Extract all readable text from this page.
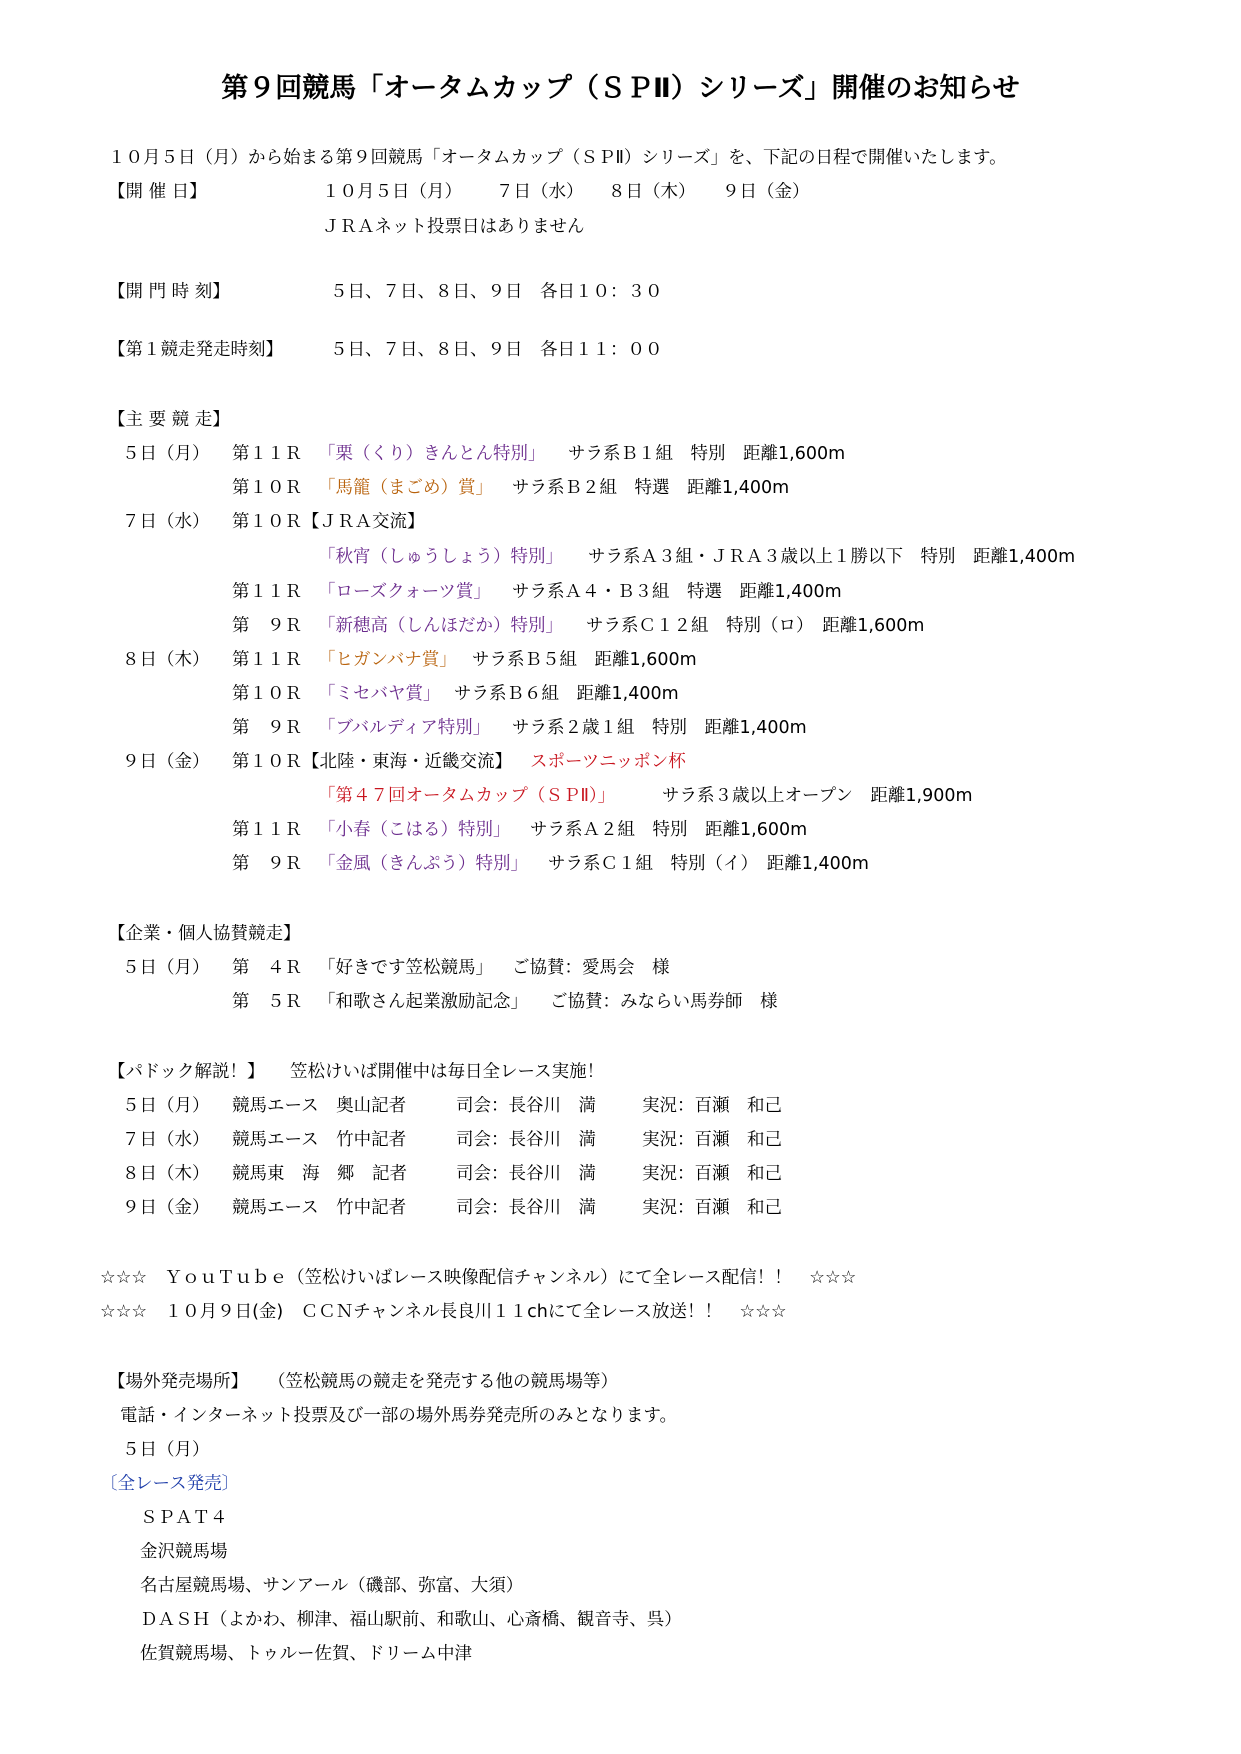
第９回競馬「オータムカップ（ＳＰⅡ）シリーズ」開催のお知らせ
１０月５日（月）から始まる第９回競馬「オータムカップ（ＳＰⅡ）シリーズ」を、下記の日程で開催いたします。
【開 催 日】	１０月５日（月） ７日（水） ８日（木） ９日（金）
ＪＲＡネット投票日はありません
【開 門 時 刻】	５日、７日、８日、９日　各日１０：３０
【第１競走発走時刻】	５日、７日、８日、９日　各日１１：００
【主 要 競 走】
５日（月） 第１１Ｒ 「栗（くり）きんとん特別」 サラ系Ｂ１組　特別　距離1,600m
第１０Ｒ 「馬籠（まごめ）賞」 サラ系Ｂ２組　特選　距離1,400m
７日（水） 第１０Ｒ【ＪＲＡ交流】
「秋宵（しゅうしょう）特別」 サラ系Ａ３組・ＪＲＡ３歳以上１勝以下　特別　距離1,400m
第１１Ｒ 「ローズクォーツ賞」 サラ系Ａ４・Ｂ３組　特選　距離1,400m
第　９Ｒ 「新穂高（しんほだか）特別」 サラ系Ｃ１２組　特別（ロ）　距離1,600m
８日（木） 第１１Ｒ 「ヒガンバナ賞」 サラ系Ｂ５組　距離1,600m
第１０Ｒ 「ミセバヤ賞」 サラ系Ｂ６組　距離1,400m
第　９Ｒ 「ブバルディア特別」 サラ系２歳１組　特別　距離1,400m
９日（金） 第１０Ｒ【北陸・東海・近畿交流】 スポーツニッポン杯
「第４７回オータムカップ（ＳＰⅡ）」	サラ系３歳以上オープン　距離1,900m
第１１Ｒ 「小春（こはる）特別」 サラ系Ａ２組　特別　距離1,600m
第　９Ｒ 「金風（きんぷう）特別」 サラ系Ｃ１組　特別（イ）　距離1,400m
【企業・個人協賛競走】
５日（月） 第　４Ｒ 「好きです笠松競馬」 ご協賛：愛馬会　様
第　５Ｒ 「和歌さん起業激励記念」 ご協賛：みならい馬券師　様
【パドック解説！】 笠松けいば開催中は毎日全レース実施！
５日（月） 競馬エース　奥山記者	司会：長谷川　満	実況：百瀬　和己
７日（水） 競馬エース　竹中記者	司会：長谷川　満	実況：百瀬　和己
８日（木） 競馬東　海　郷　記者	司会：長谷川　満	実況：百瀬　和己
９日（金） 競馬エース　竹中記者	司会：長谷川　満	実況：百瀬　和己
☆☆☆　ＹｏｕＴｕｂｅ（笠松けいばレース映像配信チャンネル）にて全レース配信！！　☆☆☆
☆☆☆　１０月９日(金)　ＣＣＮチャンネル長良川１１chにて全レース放送！！　☆☆☆
【場外発売場所】 （笠松競馬の競走を発売する他の競馬場等）
電話・インターネット投票及び一部の場外馬券発売所のみとなります。
５日（月）
〔全レース発売〕
ＳＰＡＴ４
金沢競馬場
名古屋競馬場、サンアール（磯部、弥富、大須）
ＤＡＳＨ（よかわ、柳津、福山駅前、和歌山、心斎橋、観音寺、呉）
佐賀競馬場、トゥルー佐賀、ドリーム中津
